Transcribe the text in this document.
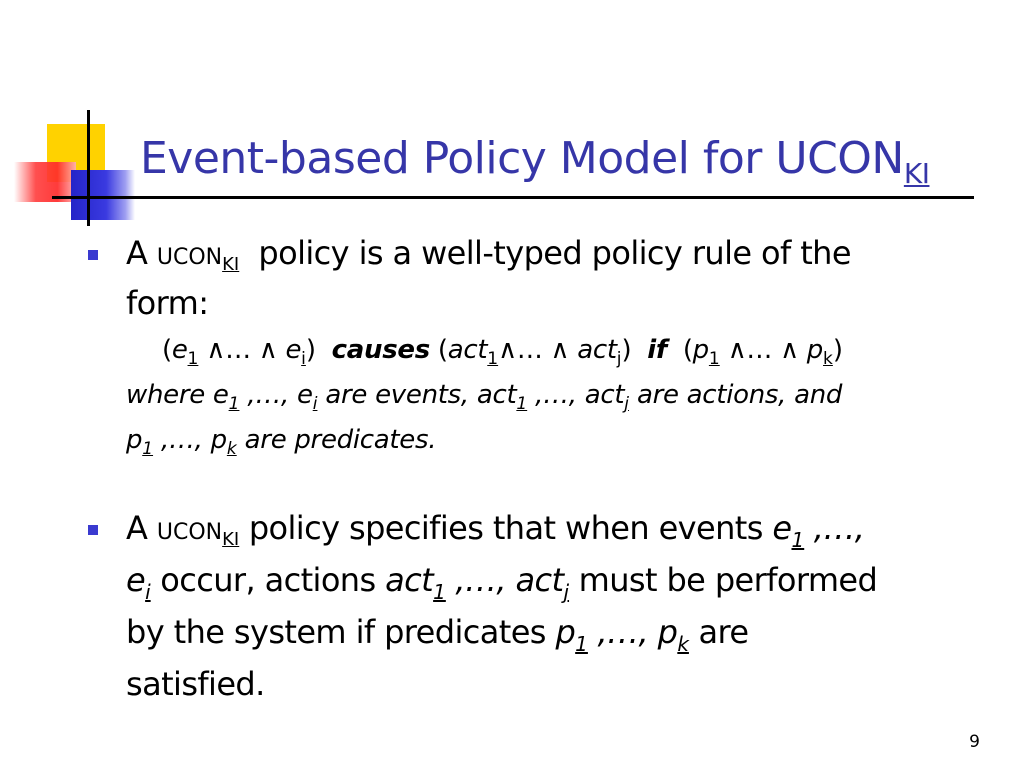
Event-based Policy Model for $UCON_{KI}$
A UCONKI policy is a well-typed policy rule of the
form:
($e_1$ ∧… ∧ $e_i$) causes (act$_1$∧… ∧ act$_j$) if ($p_1$ ∧… ∧ $p_k$)
where $e_1$ ,…, $e_i$ are events, act$_1$ ,…, act$_j$ are actions, and
$p_1$ ,…, $p_k$ are predicates.
A UCONKI policy specifies that when events $e_1$ ,…,
$e_i$ occur, actions act$_1$ ,…, act$_j$ must be performed
by the system if predicates $p_1$ ,…, $p_k$ are
satisfied.
9
